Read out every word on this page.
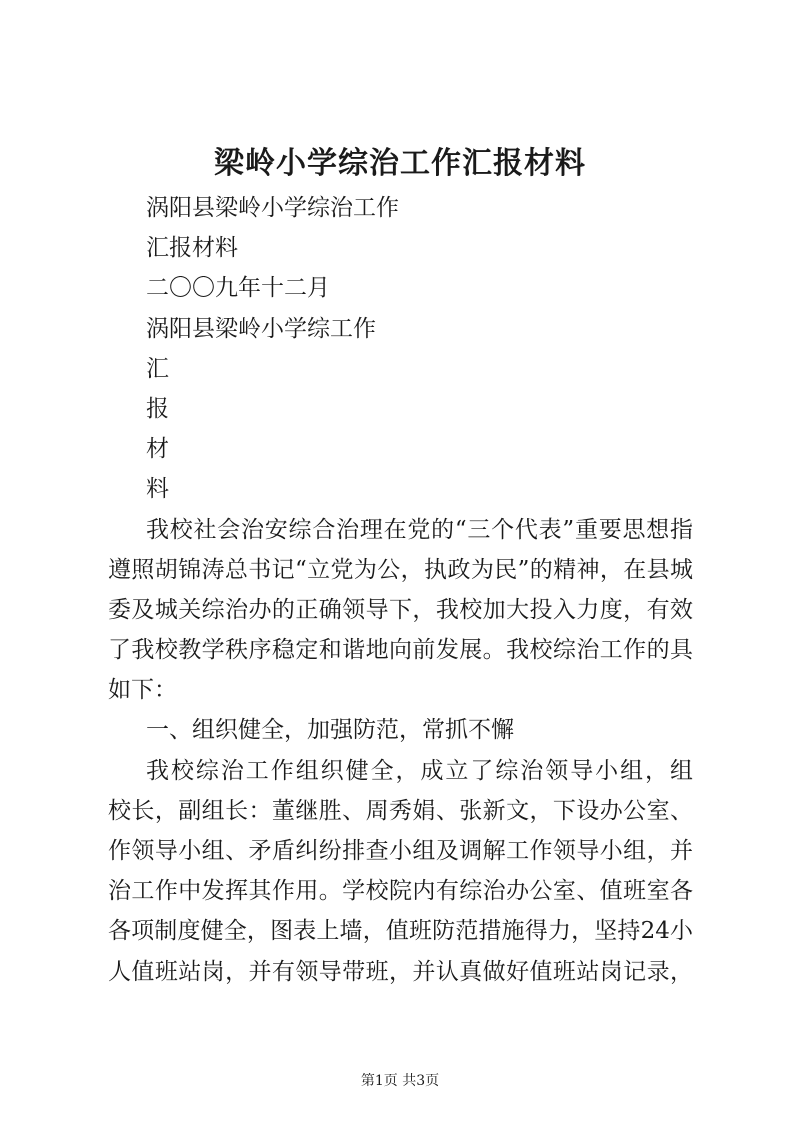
梁岭小学综治工作汇报材料
涡阳县梁岭小学综治工作
汇报材料
二〇〇九年十二月
涡阳县梁岭小学综工作
汇
报
材
料
我校社会治安综合治理在党的“三个代表”重要思想指
遵照胡锦涛总书记“立党为公，执政为民”的精神，在县城
委及城关综治办的正确领导下，我校加大投入力度，有效
了我校教学秩序稳定和谐地向前发展。我校综治工作的具
如下：
一、组织健全，加强防范，常抓不懈
我校综治工作组织健全，成立了综治领导小组，组
校长，副组长：董继胜、周秀娟、张新文，下设办公室、
作领导小组、矛盾纠纷排查小组及调解工作领导小组，并
治工作中发挥其作用。学校院内有综治办公室、值班室各
各项制度健全，图表上墙，值班防范措施得力，坚持24小
人值班站岗，并有领导带班，并认真做好值班站岗记录，
第1页 共3页
